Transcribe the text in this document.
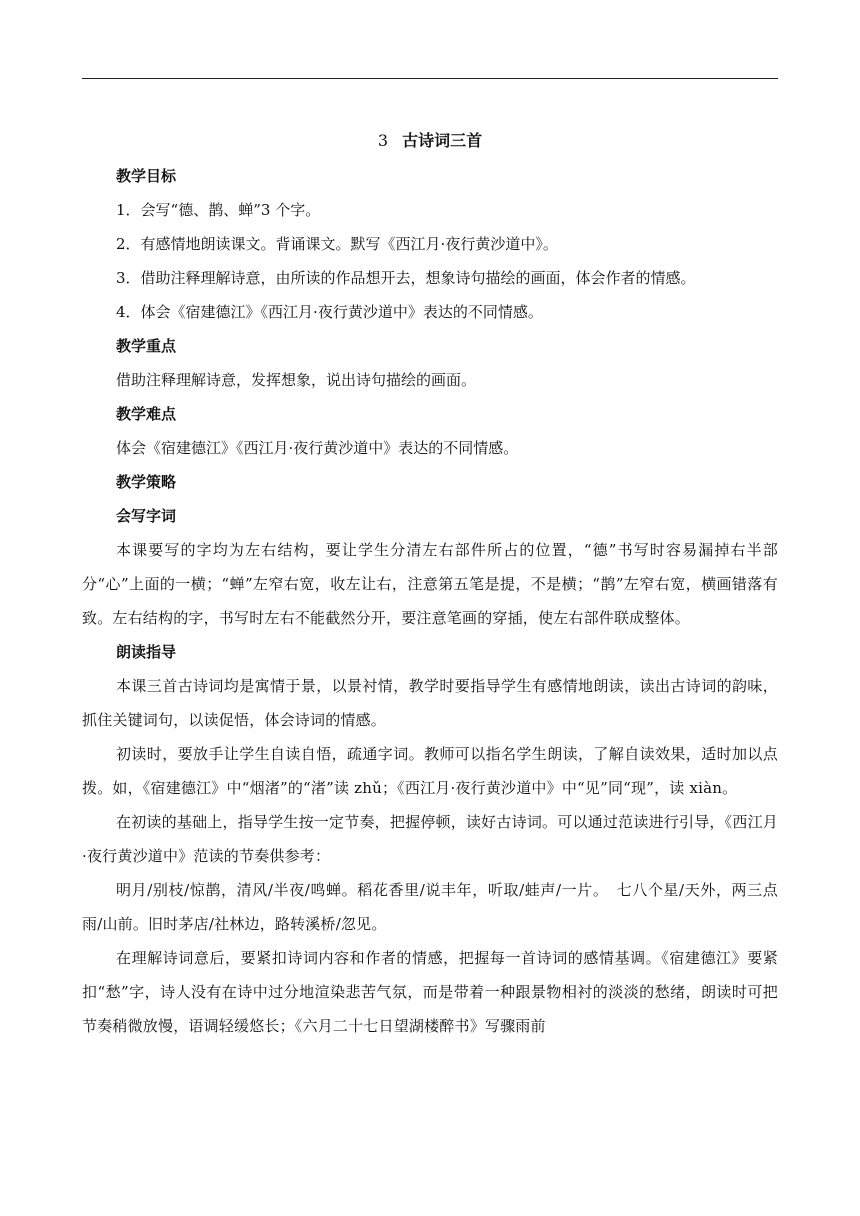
3 古诗词三首
教学目标
1．会写“德、鹊、蝉”3 个字。
2．有感情地朗读课文。背诵课文。默写《西江月·夜行黄沙道中》。
3．借助注释理解诗意，由所读的作品想开去，想象诗句描绘的画面，体会作者的情感。
4．体会《宿建德江》《西江月·夜行黄沙道中》表达的不同情感。
教学重点
借助注释理解诗意，发挥想象，说出诗句描绘的画面。
教学难点
体会《宿建德江》《西江月·夜行黄沙道中》表达的不同情感。
教学策略
会写字词

本课要写的字均为左右结构，要让学生分清左右部件所占的位置，“德”书写时容易漏掉右半部分“心”上面的一横；“蝉”左窄右宽，收左让右，注意第五笔是提，不是横；“鹊”左窄右宽，横画错落有致。左右结构的字，书写时左右不能截然分开，要注意笔画的穿插，使左右部件联成整体。

朗读指导

本课三首古诗词均是寓情于景，以景衬情，教学时要指导学生有感情地朗读，读出古诗词的韵味，抓住关键词句，以读促悟，体会诗词的情感。

初读时，要放手让学生自读自悟，疏通字词。教师可以指名学生朗读，了解自读效果，适时加以点拨。如，《宿建德江》中“烟渚”的“渚”读 zhǔ；《西江月·夜行黄沙道中》中“见”同“现”，读 xiàn。

在初读的基础上，指导学生按一定节奏，把握停顿，读好古诗词。可以通过范读进行引导，《西江月·夜行黄沙道中》范读的节奏供参考：

明月/别枝/惊鹊，清风/半夜/鸣蝉。稻花香里/说丰年，听取/蛙声/一片。　七八个星/天外，两三点雨/山前。旧时茅店/社林边，路转溪桥/忽见。

在理解诗词意后，要紧扣诗词内容和作者的情感，把握每一首诗词的感情基调。《宿建德江》要紧扣“愁”字，诗人没有在诗中过分地渲染悲苦气氛，而是带着一种跟景物相衬的淡淡的愁绪，朗读时可把节奏稍微放慢，语调轻缓悠长；《六月二十七日望湖楼醉书》写骤雨前
